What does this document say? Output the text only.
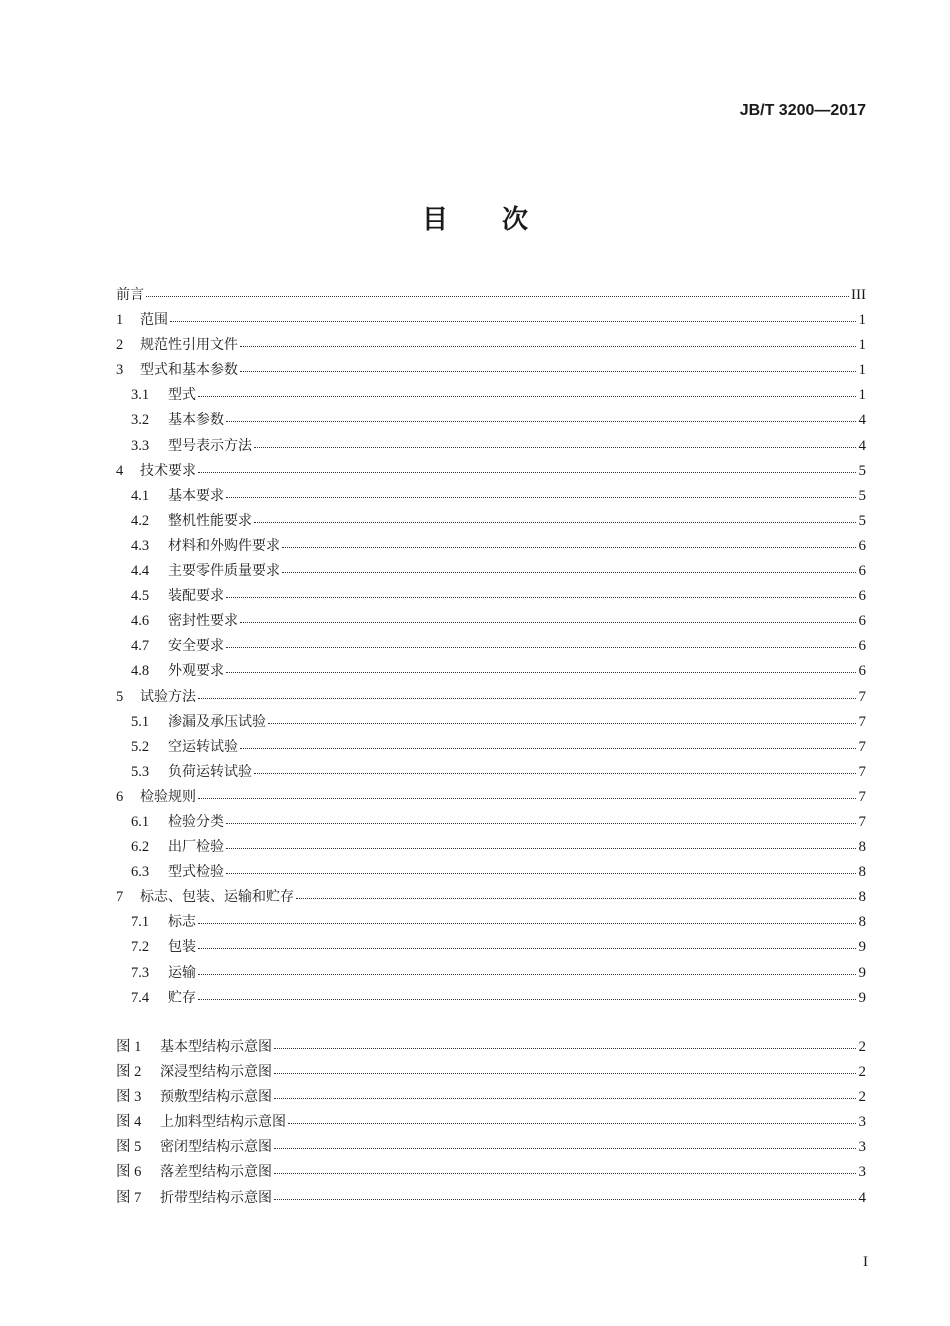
JB/T 3200—2017
目 次
前言	III
1	范围	1
2	规范性引用文件	1
3	型式和基本参数	1
3.1	型式	1
3.2	基本参数	4
3.3	型号表示方法	4
4	技术要求	5
4.1	基本要求	5
4.2	整机性能要求	5
4.3	材料和外购件要求	6
4.4	主要零件质量要求	6
4.5	装配要求	6
4.6	密封性要求	6
4.7	安全要求	6
4.8	外观要求	6
5	试验方法	7
5.1	渗漏及承压试验	7
5.2	空运转试验	7
5.3	负荷运转试验	7
6	检验规则	7
6.1	检验分类	7
6.2	出厂检验	8
6.3	型式检验	8
7	标志、包装、运输和贮存	8
7.1	标志	8
7.2	包装	9
7.3	运输	9
7.4	贮存	9
图 1	基本型结构示意图	2
图 2	深浸型结构示意图	2
图 3	预敷型结构示意图	2
图 4	上加料型结构示意图	3
图 5	密闭型结构示意图	3
图 6	落差型结构示意图	3
图 7	折带型结构示意图	4
I
